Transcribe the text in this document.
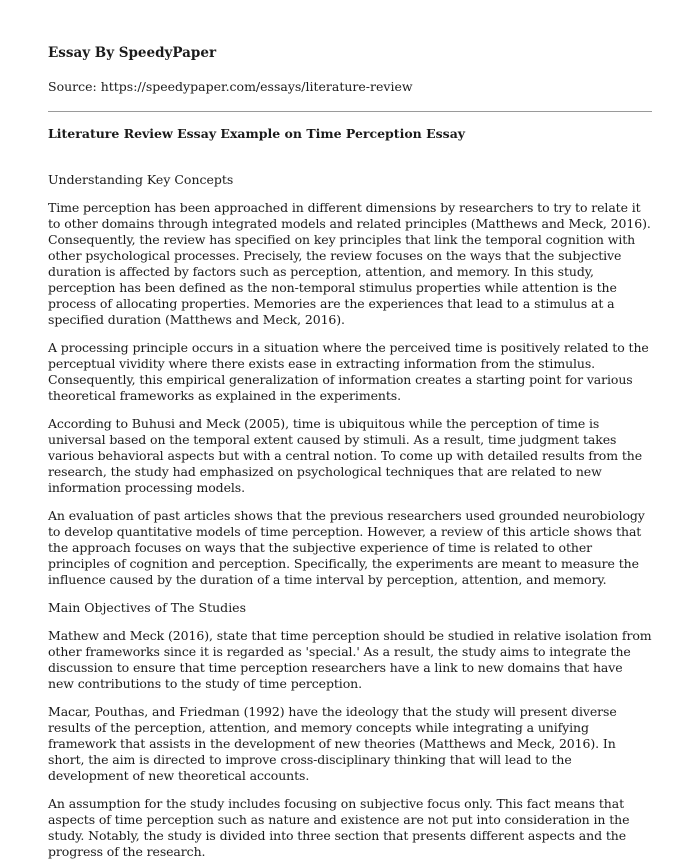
Essay By SpeedyPaper

Source: https://speedypaper.com/essays/literature-review

Literature Review Essay Example on Time Perception Essay

Understanding Key Concepts

Time perception has been approached in different dimensions by researchers to try to relate it to other domains through integrated models and related principles (Matthews and Meck, 2016). Consequently, the review has specified on key principles that link the temporal cognition with other psychological processes. Precisely, the review focuses on the ways that the subjective duration is affected by factors such as perception, attention, and memory. In this study, perception has been defined as the non-temporal stimulus properties while attention is the process of allocating properties. Memories are the experiences that lead to a stimulus at a specified duration (Matthews and Meck, 2016).

A processing principle occurs in a situation where the perceived time is positively related to the perceptual vividity where there exists ease in extracting information from the stimulus. Consequently, this empirical generalization of information creates a starting point for various theoretical frameworks as explained in the experiments.

According to Buhusi and Meck (2005), time is ubiquitous while the perception of time is universal based on the temporal extent caused by stimuli. As a result, time judgment takes various behavioral aspects but with a central notion. To come up with detailed results from the research, the study had emphasized on psychological techniques that are related to new information processing models.

An evaluation of past articles shows that the previous researchers used grounded neurobiology to develop quantitative models of time perception. However, a review of this article shows that the approach focuses on ways that the subjective experience of time is related to other principles of cognition and perception. Specifically, the experiments are meant to measure the influence caused by the duration of a time interval by perception, attention, and memory.

Main Objectives of The Studies

Mathew and Meck (2016), state that time perception should be studied in relative isolation from other frameworks since it is regarded as 'special.' As a result, the study aims to integrate the discussion to ensure that time perception researchers have a link to new domains that have new contributions to the study of time perception.

Macar, Pouthas, and Friedman (1992) have the ideology that the study will present diverse results of the perception, attention, and memory concepts while integrating a unifying framework that assists in the development of new theories (Matthews and Meck, 2016). In short, the aim is directed to improve cross-disciplinary thinking that will lead to the development of new theoretical accounts.

An assumption for the study includes focusing on subjective focus only. This fact means that aspects of time perception such as nature and existence are not put into consideration in the study. Notably, the study is divided into three section that presents different aspects and the progress of the research.
